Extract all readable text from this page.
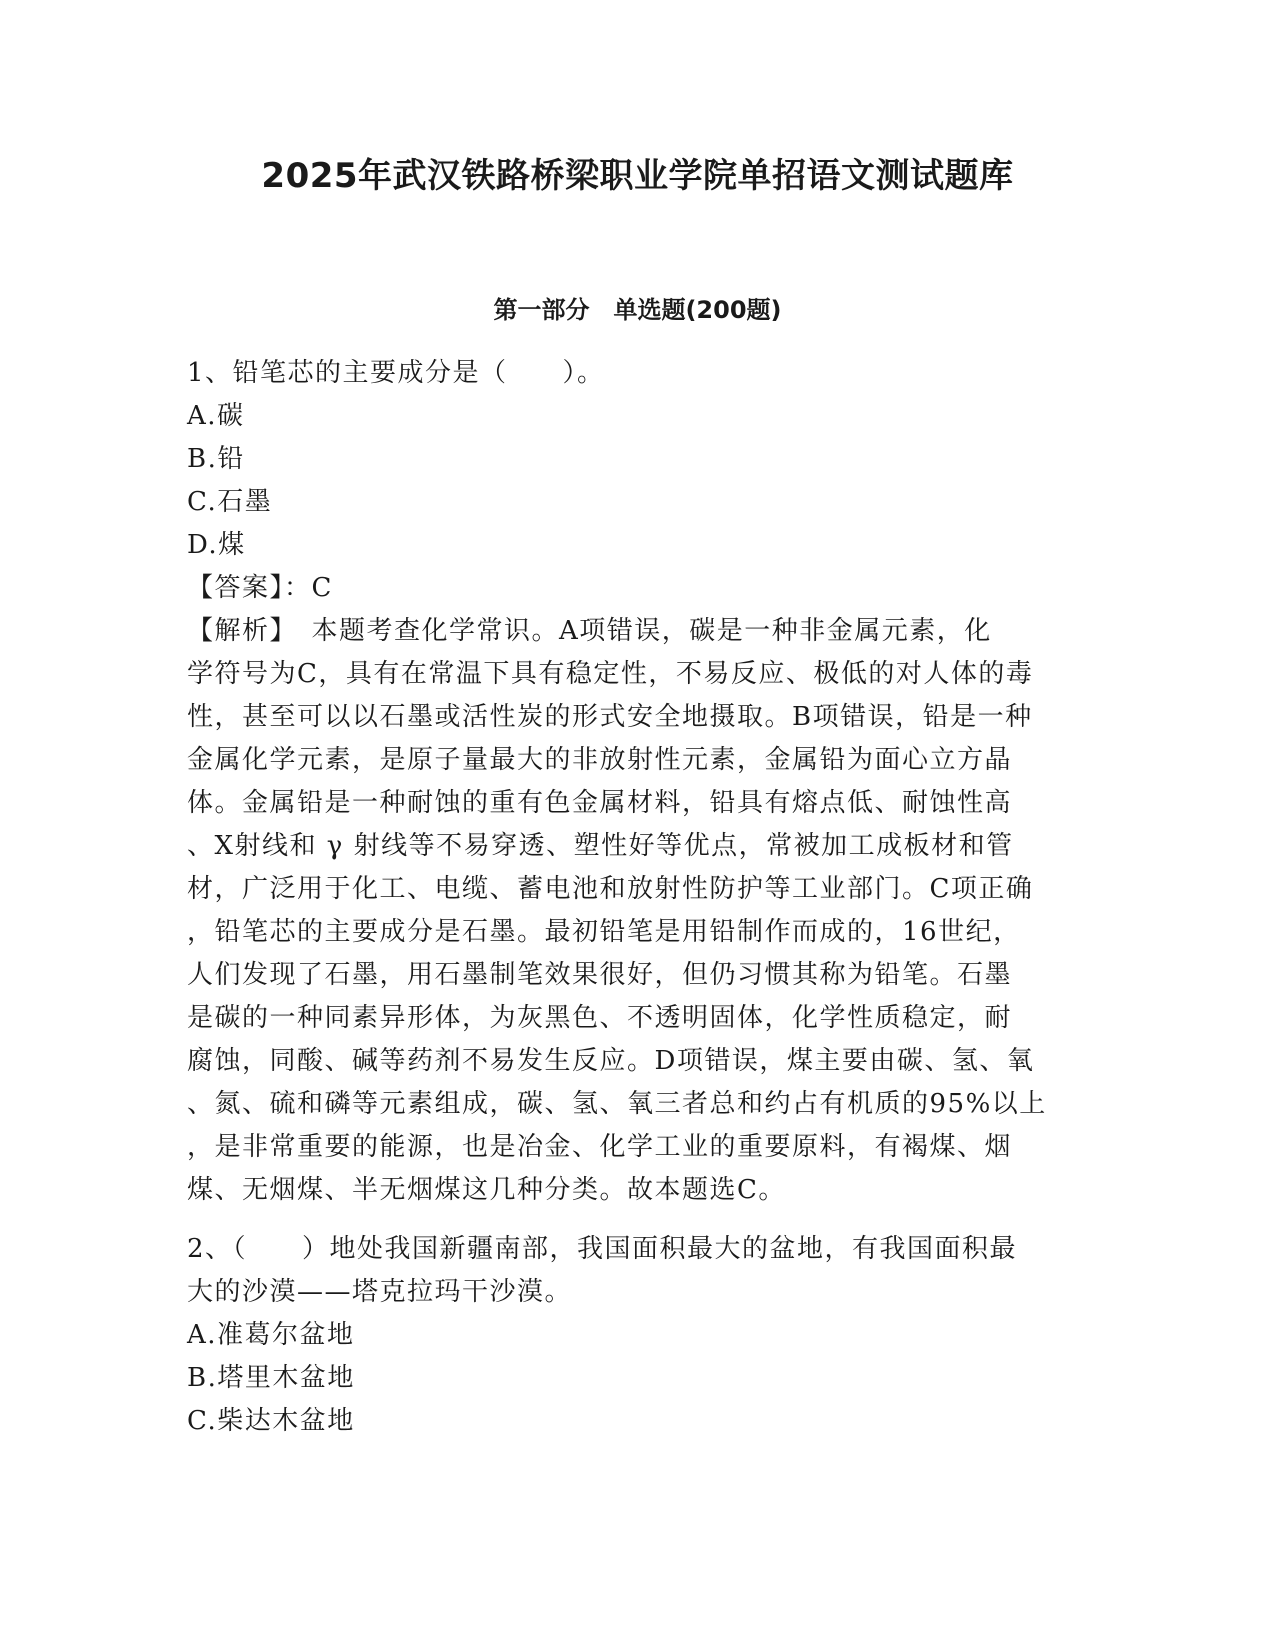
2025年武汉铁路桥梁职业学院单招语文测试题库
第一部分　单选题(200题)
1、铅笔芯的主要成分是（　　）。
A.碳
B.铅
C.石墨
D.煤
【答案】：C
【解析】　本题考查化学常识。A项错误，碳是一种非金属元素，化
学符号为C，具有在常温下具有稳定性，不易反应、极低的对人体的毒
性，甚至可以以石墨或活性炭的形式安全地摄取。B项错误，铅是一种
金属化学元素，是原子量最大的非放射性元素，金属铅为面心立方晶
体。金属铅是一种耐蚀的重有色金属材料，铅具有熔点低、耐蚀性高
、X射线和 γ 射线等不易穿透、塑性好等优点，常被加工成板材和管
材，广泛用于化工、电缆、蓄电池和放射性防护等工业部门。C项正确
，铅笔芯的主要成分是石墨。最初铅笔是用铅制作而成的，16世纪，
人们发现了石墨，用石墨制笔效果很好，但仍习惯其称为铅笔。石墨
是碳的一种同素异形体，为灰黑色、不透明固体，化学性质稳定，耐
腐蚀，同酸、碱等药剂不易发生反应。D项错误，煤主要由碳、氢、氧
、氮、硫和磷等元素组成，碳、氢、氧三者总和约占有机质的95%以上
，是非常重要的能源，也是冶金、化学工业的重要原料，有褐煤、烟
煤、无烟煤、半无烟煤这几种分类。故本题选C。
2、（　　）地处我国新疆南部，我国面积最大的盆地，有我国面积最
大的沙漠——塔克拉玛干沙漠。
A.准葛尔盆地
B.塔里木盆地
C.柴达木盆地
